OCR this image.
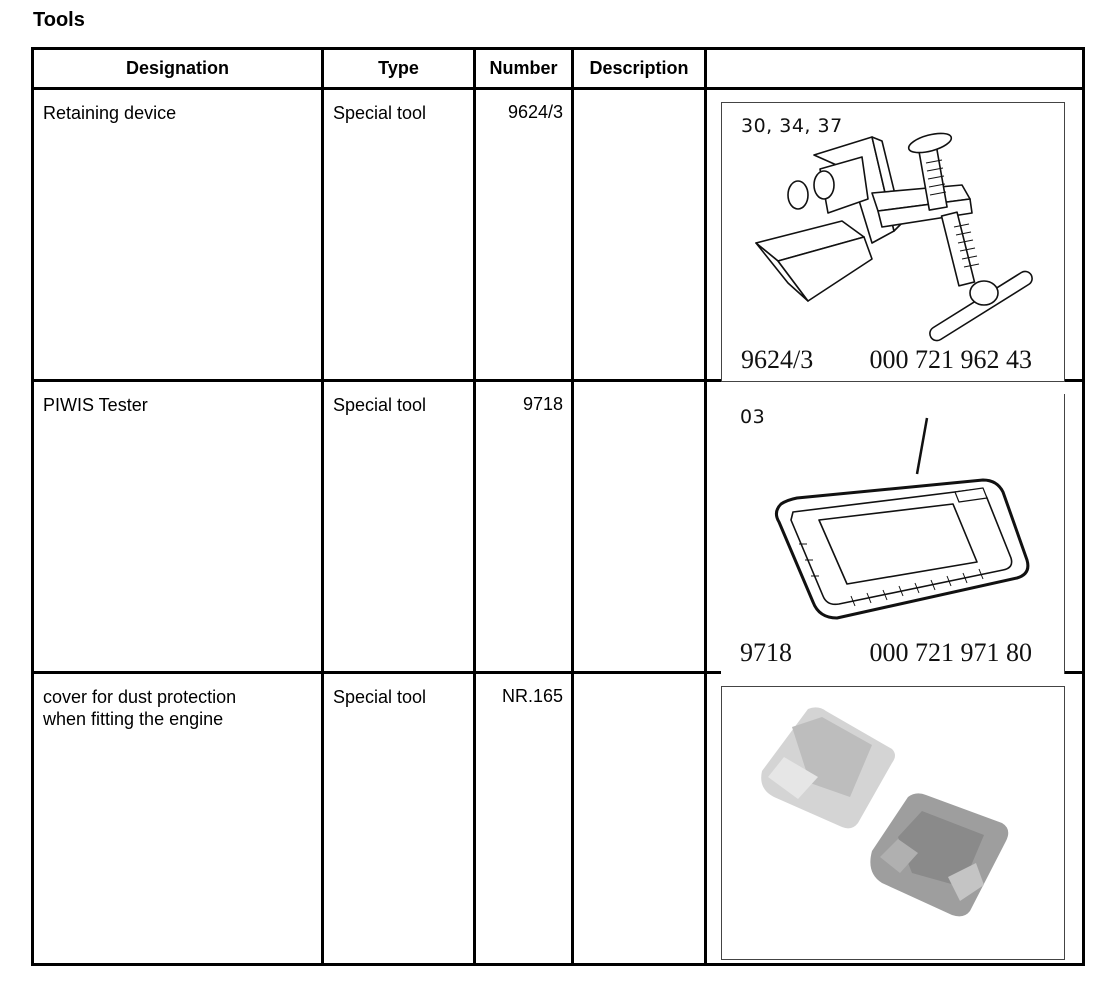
Tools
Designation	Type	Number	Description	

Retaining device	Special tool	9624/3		30, 34, 37
9624/3 000 721 962 43

PIWIS Tester	Special tool	9718		03
9718 000 721 971 80

cover for dust protection
when fitting the engine	Special tool	NR.165
